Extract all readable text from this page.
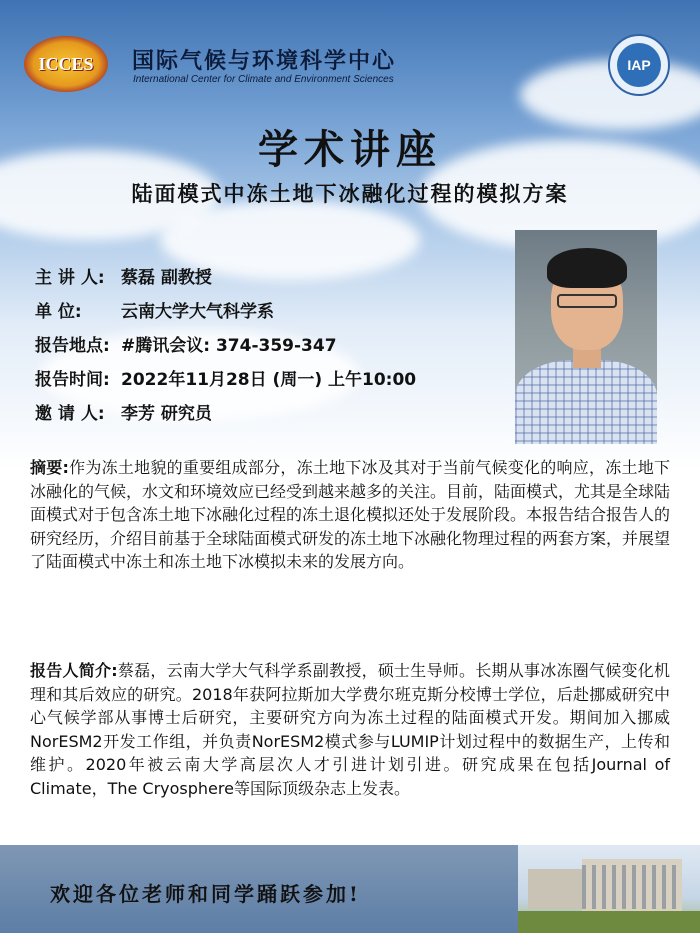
ICCES 国际气候与环境科学中心
International Center for Climate and Environment Sciences
IAP
学术讲座
陆面模式中冻土地下冰融化过程的模拟方案
主 讲 人: 蔡磊 副教授
单 位:	云南大学大气科学系
报告地点: #腾讯会议: 374-359-347
报告时间: 2022年11月28日 (周一) 上午10:00
邀 请 人: 李芳 研究员
摘要:作为冻土地貌的重要组成部分，冻土地下冰及其对于当前气候变化的响应，冻土地下冰融化的气候，水文和环境效应已经受到越来越多的关注。目前，陆面模式，尤其是全球陆面模式对于包含冻土地下冰融化过程的冻土退化模拟还处于发展阶段。本报告结合报告人的研究经历，介绍目前基于全球陆面模式研发的冻土地下冰融化物理过程的两套方案，并展望了陆面模式中冻土和冻土地下冰模拟未来的发展方向。
报告人简介:蔡磊，云南大学大气科学系副教授，硕士生导师。长期从事冰冻圈气候变化机理和其后效应的研究。2018年获阿拉斯加大学费尔班克斯分校博士学位，后赴挪威研究中心气候学部从事博士后研究，主要研究方向为冻土过程的陆面模式开发。期间加入挪威NorESM2开发工作组，并负责NorESM2模式参与LUMIP计划过程中的数据生产，上传和维护。2020年被云南大学高层次人才引进计划引进。研究成果在包括Journal of Climate，The Cryosphere等国际顶级杂志上发表。
欢迎各位老师和同学踊跃参加!
